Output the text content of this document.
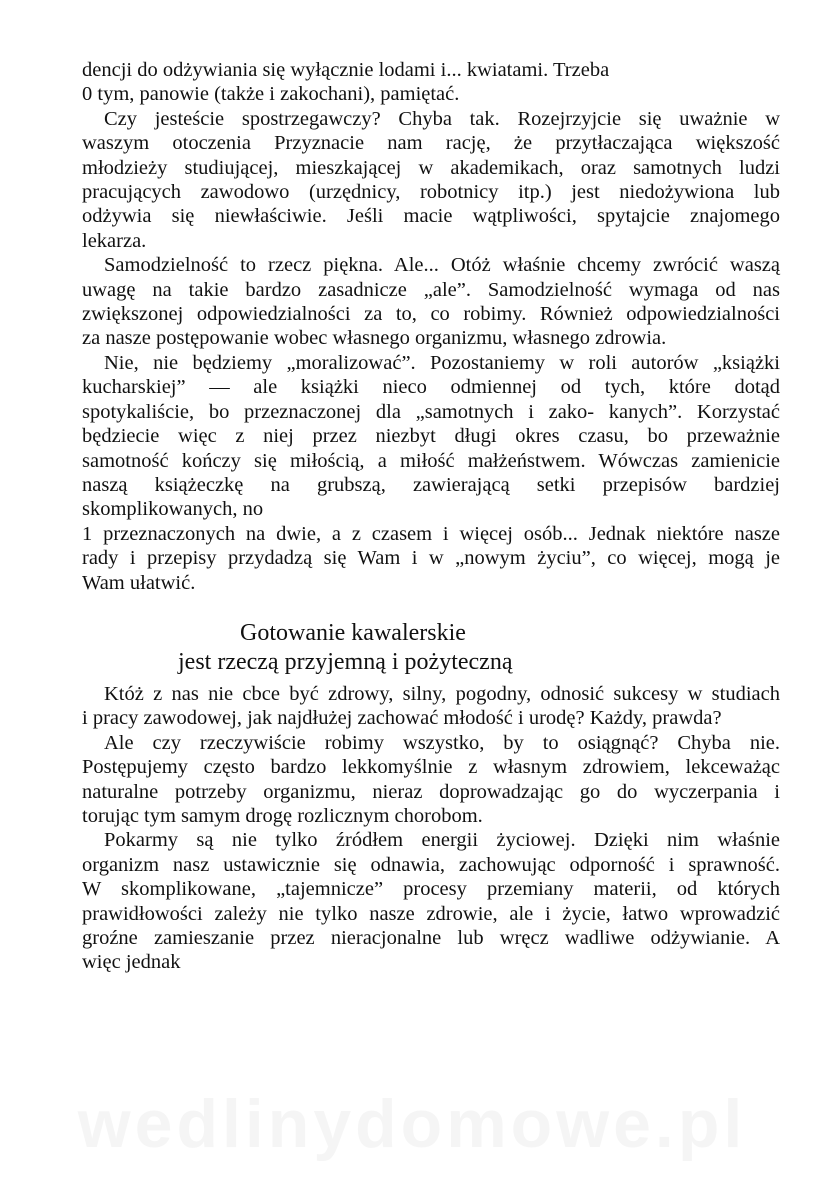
dencji do odżywiania się wyłącznie lodami i... kwiatami. Trzeba
0 tym, panowie (także i zakochani), pamiętać.
Czy jesteście spostrzegawczy? Chyba tak. Rozejrzyjcie się uważnie w
waszym otoczenia Przyznacie nam rację, że przytłaczająca większość
młodzieży studiującej, mieszkającej w akademikach, oraz samotnych ludzi
pracujących zawodowo (urzędnicy, robotnicy itp.) jest niedożywiona lub
odżywia się niewłaściwie. Jeśli macie wątpliwości, spytajcie znajomego
lekarza.
Samodzielność to rzecz piękna. Ale... Otóż właśnie chcemy zwrócić waszą
uwagę na takie bardzo zasadnicze „ale”. Samodzielność wymaga od nas
zwiększonej odpowiedzialności za to, co robimy. Również odpowiedzialności
za nasze postępowanie wobec własnego organizmu, własnego zdrowia.
Nie, nie będziemy „moralizować”. Pozostaniemy w roli autorów „książki
kucharskiej” — ale książki nieco odmiennej od tych, które dotąd
spotykaliście, bo przeznaczonej dla „samotnych i zako- kanych”. Korzystać
będziecie więc z niej przez niezbyt długi okres czasu, bo przeważnie
samotność kończy się miłością, a miłość małżeństwem. Wówczas zamienicie
naszą książeczkę na grubszą, zawierającą setki przepisów bardziej
skomplikowanych, no
1 przeznaczonych na dwie, a z czasem i więcej osób... Jednak niektóre nasze
rady i przepisy przydadzą się Wam i w „nowym życiu”, co więcej, mogą je
Wam ułatwić.
Gotowanie kawalerskie
jest rzeczą przyjemną i pożyteczną
Któż z nas nie cbce być zdrowy, silny, pogodny, odnosić sukcesy w studiach
i pracy zawodowej, jak najdłużej zachować młodość i urodę? Każdy, prawda?
Ale czy rzeczywiście robimy wszystko, by to osiągnąć? Chyba nie.
Postępujemy często bardzo lekkomyślnie z własnym zdrowiem, lekceważąc
naturalne potrzeby organizmu, nieraz doprowadzając go do wyczerpania i
torując tym samym drogę rozlicznym chorobom.
Pokarmy są nie tylko źródłem energii życiowej. Dzięki nim właśnie
organizm nasz ustawicznie się odnawia, zachowując odporność i sprawność.
W skomplikowane, „tajemnicze” procesy przemiany materii, od których
prawidłowości zależy nie tylko nasze zdrowie, ale i życie, łatwo wprowadzić
groźne zamieszanie przez nieracjonalne lub wręcz wadliwe odżywianie. A
więc jednak
wedlinydomowe.pl
